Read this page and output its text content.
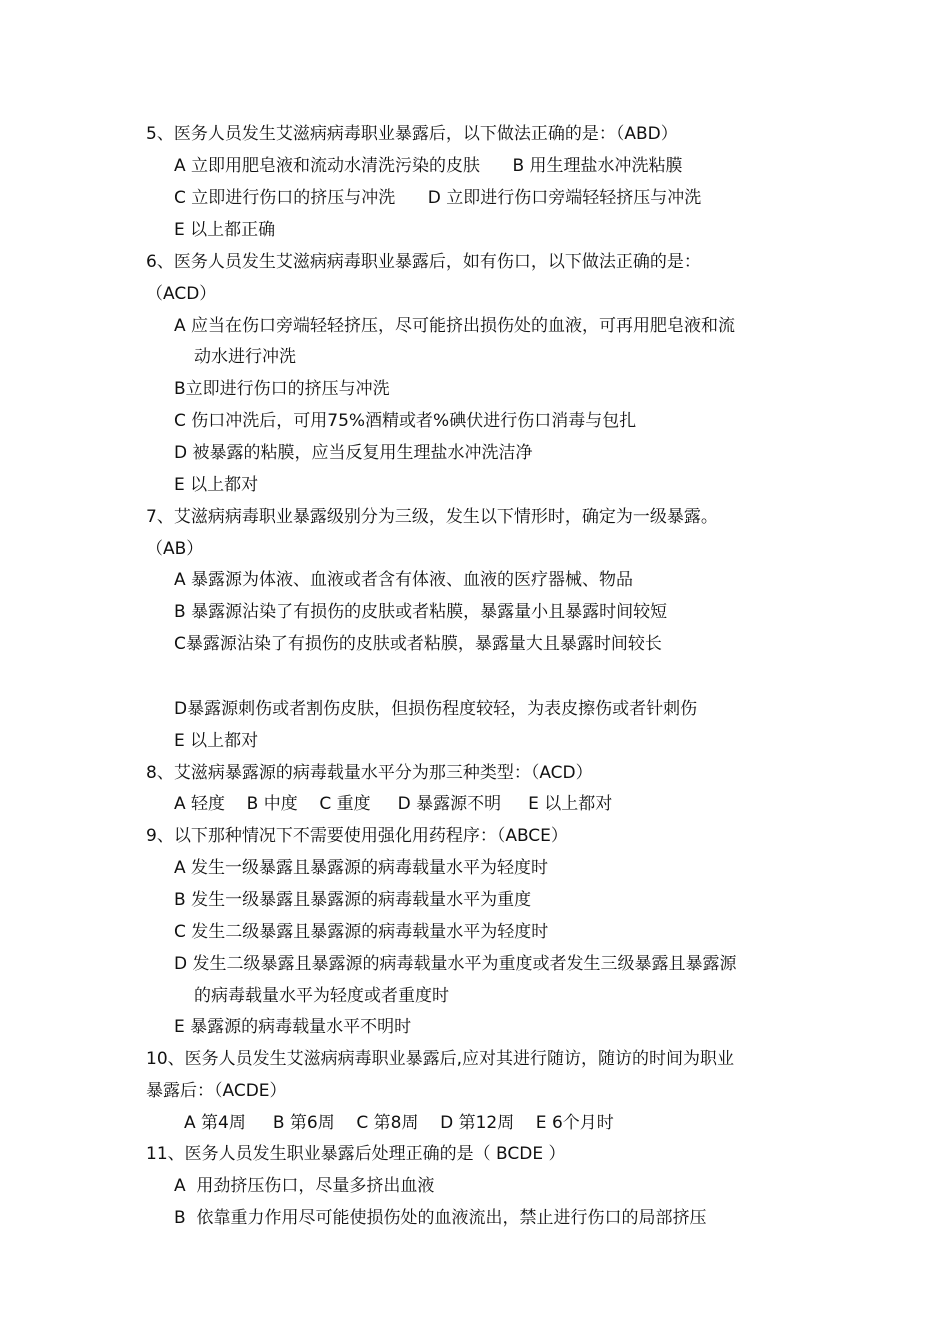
5、医务人员发生艾滋病病毒职业暴露后，以下做法正确的是：（ABD）
A 立即用肥皂液和流动水清洗污染的皮肤      B 用生理盐水冲洗粘膜
C 立即进行伤口的挤压与冲洗      D 立即进行伤口旁端轻轻挤压与冲洗
E 以上都正确
6、医务人员发生艾滋病病毒职业暴露后，如有伤口，以下做法正确的是：
（ACD）
A 应当在伤口旁端轻轻挤压，尽可能挤出损伤处的血液，可再用肥皂液和流
动水进行冲洗
B立即进行伤口的挤压与冲洗
C 伤口冲洗后，可用75%酒精或者%碘伏进行伤口消毒与包扎
D 被暴露的粘膜，应当反复用生理盐水冲洗洁净
E 以上都对
7、艾滋病病毒职业暴露级别分为三级，发生以下情形时，确定为一级暴露。
（AB）
A 暴露源为体液、血液或者含有体液、血液的医疗器械、物品
B 暴露源沾染了有损伤的皮肤或者粘膜，暴露量小且暴露时间较短
C暴露源沾染了有损伤的皮肤或者粘膜，暴露量大且暴露时间较长
D暴露源刺伤或者割伤皮肤，但损伤程度较轻，为表皮擦伤或者针刺伤
E 以上都对
8、艾滋病暴露源的病毒载量水平分为那三种类型：（ACD）
A 轻度    B 中度    C 重度     D 暴露源不明     E 以上都对
9、以下那种情况下不需要使用强化用药程序：（ABCE）
A 发生一级暴露且暴露源的病毒载量水平为轻度时
B 发生一级暴露且暴露源的病毒载量水平为重度
C 发生二级暴露且暴露源的病毒载量水平为轻度时
D 发生二级暴露且暴露源的病毒载量水平为重度或者发生三级暴露且暴露源
的病毒载量水平为轻度或者重度时
E 暴露源的病毒载量水平不明时
10、医务人员发生艾滋病病毒职业暴露后,应对其进行随访，随访的时间为职业
暴露后：（ACDE）
A 第4周     B 第6周    C 第8周    D 第12周    E 6个月时
11、医务人员发生职业暴露后处理正确的是（ BCDE ）
A  用劲挤压伤口，尽量多挤出血液
B  依靠重力作用尽可能使损伤处的血液流出，禁止进行伤口的局部挤压
